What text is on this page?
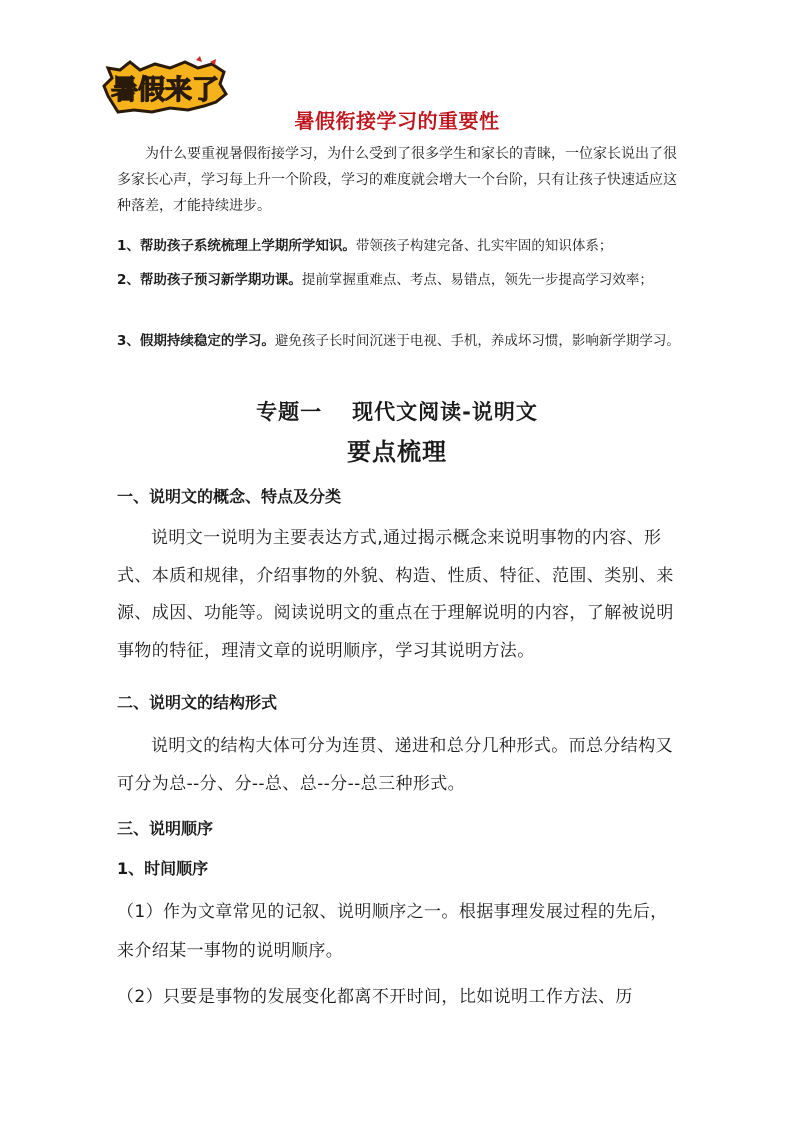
暑假来了
暑假衔接学习的重要性
为什么要重视暑假衔接学习，为什么受到了很多学生和家长的青睐，一位家长说出了很多家长心声，学习每上升一个阶段，学习的难度就会增大一个台阶，只有让孩子快速适应这种落差，才能持续进步。
1、帮助孩子系统梳理上学期所学知识。带领孩子构建完备、扎实牢固的知识体系；
2、帮助孩子预习新学期功课。提前掌握重难点、考点、易错点，领先一步提高学习效率；
3、假期持续稳定的学习。避免孩子长时间沉迷于电视、手机，养成坏习惯，影响新学期学习。
专题一 现代文阅读-说明文
要点梳理
一、说明文的概念、特点及分类
说明文一说明为主要表达方式,通过揭示概念来说明事物的内容、形式、本质和规律，介绍事物的外貌、构造、性质、特征、范围、类别、来源、成因、功能等。阅读说明文的重点在于理解说明的内容，了解被说明事物的特征，理清文章的说明顺序，学习其说明方法。
二、说明文的结构形式
说明文的结构大体可分为连贯、递进和总分几种形式。而总分结构又可分为总--分、分--总、总--分--总三种形式。
三、说明顺序
1、时间顺序
（1）作为文章常见的记叙、说明顺序之一。根据事理发展过程的先后，来介绍某一事物的说明顺序。
（2）只要是事物的发展变化都离不开时间，比如说明工作方法、历
